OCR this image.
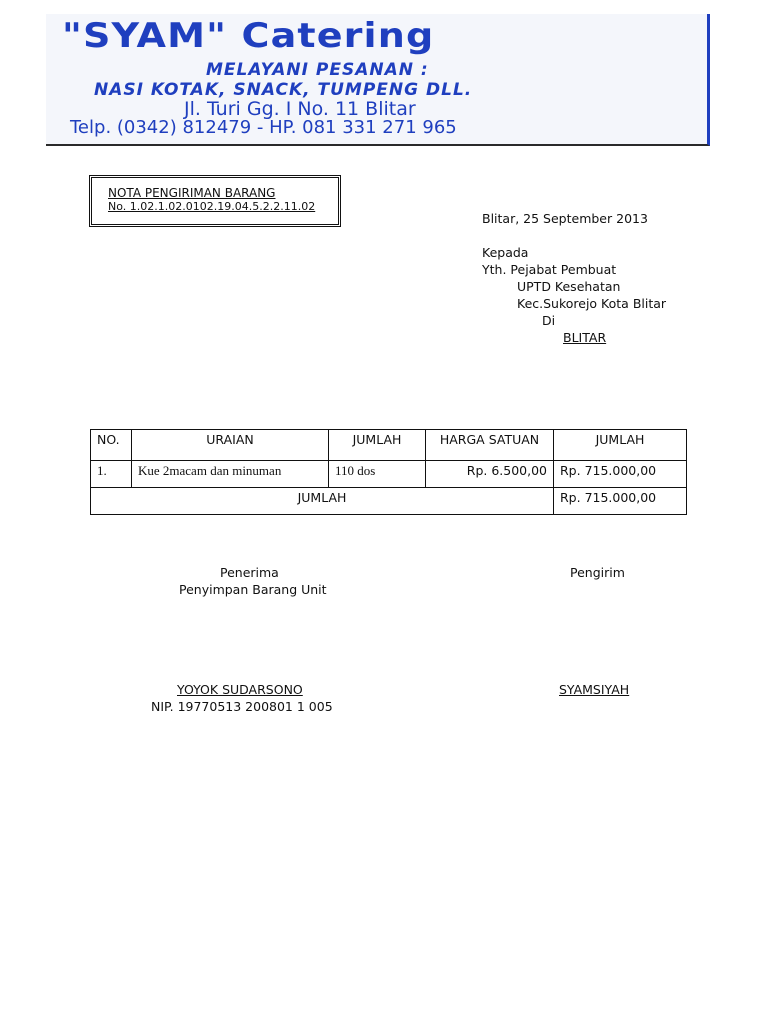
"SYAM" Catering
MELAYANI PESANAN :
NASI KOTAK, SNACK, TUMPENG DLL.
Jl. Turi Gg. I No. 11 Blitar
Telp. (0342) 812479 - HP. 081 331 271 965
NOTA PENGIRIMAN BARANG
No. 1.02.1.02.0102.19.04.5.2.2.11.02
Blitar, 25 September 2013
Kepada
Yth. Pejabat Pembuat
UPTD Kesehatan
Kec.Sukorejo Kota Blitar
Di
BLITAR
NO.	URAIAN	JUMLAH	HARGA SATUAN	JUMLAH
1.	Kue 2macam dan minuman	110 dos	Rp. 6.500,00	Rp. 715.000,00
JUMLAH				Rp. 715.000,00
Penerima
Penyimpan Barang Unit
Pengirim
YOYOK SUDARSONO
NIP. 19770513 200801 1 005
SYAMSIYAH
